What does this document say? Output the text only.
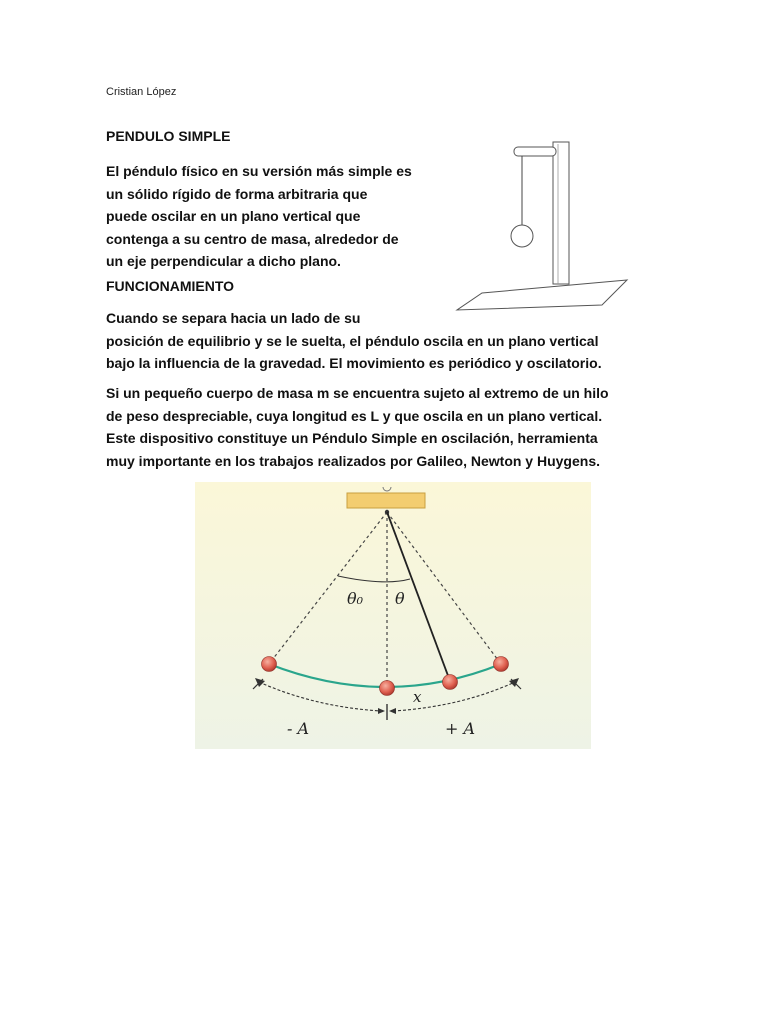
Cristian López
PENDULO SIMPLE
El péndulo físico en su versión más simple es
un sólido rígido de forma arbitraria que
puede oscilar en un plano vertical que
contenga a su centro de masa, alrededor de
un eje perpendicular a dicho plano.
FUNCIONAMIENTO
Cuando se separa hacia un lado de su
posición de equilibrio y se le suelta, el péndulo oscila en un plano vertical
bajo la influencia de la gravedad. El movimiento es periódico y oscilatorio.
Si un pequeño cuerpo de masa m se encuentra sujeto al extremo de un hilo
de peso despreciable, cuya longitud es L y que oscila en un plano vertical.
Este dispositivo constituye un Péndulo Simple en oscilación, herramienta
muy importante en los trabajos realizados por Galileo, Newton y Huygens.
θ₀ θ
x
- A	+ A
